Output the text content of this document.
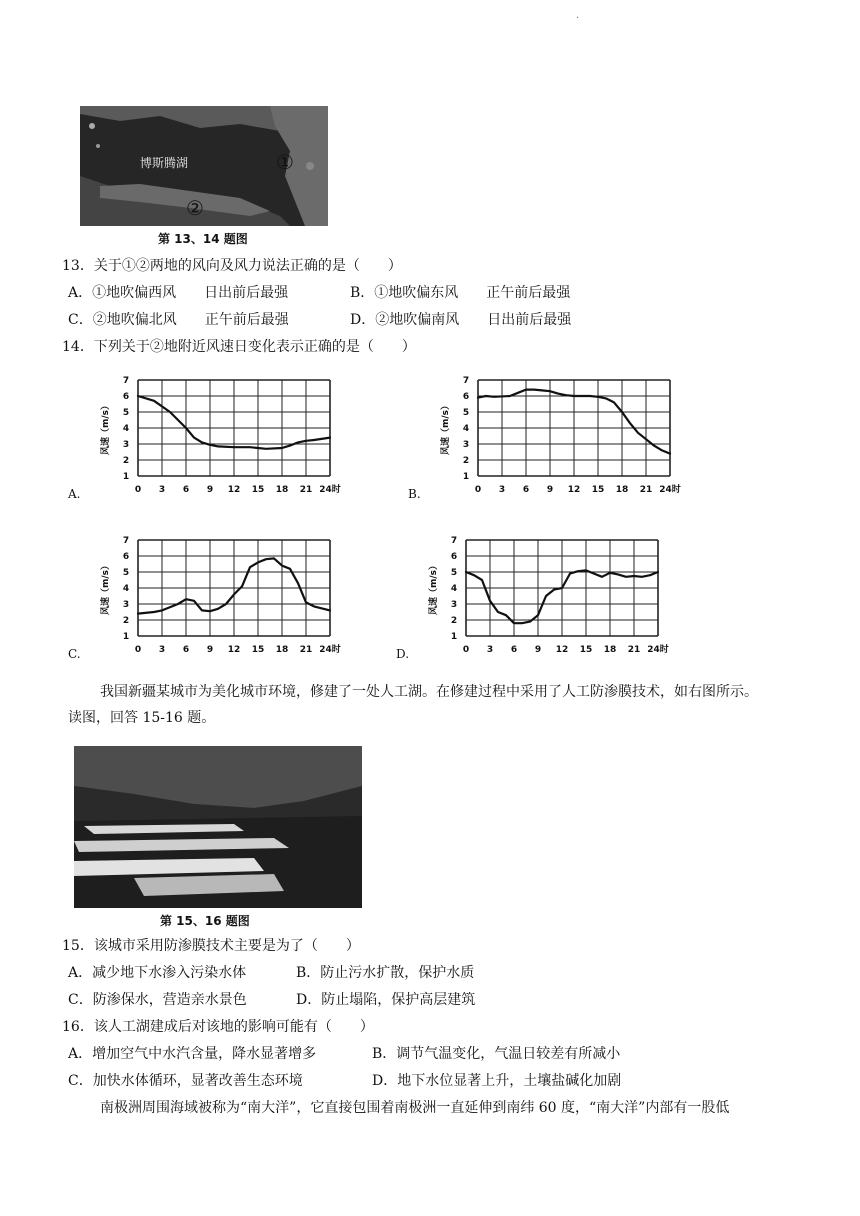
.
博斯腾湖	①
②
第 13、14 题图
13．关于①②两地的风向及风力说法正确的是（　　）
A．①地吹偏西风　　日出前后最强	B．①地吹偏东风　　正午前后最强
C．②地吹偏北风　　正午前后最强	D．②地吹偏南风　　日出前后最强
14．下列关于②地附近风速日变化表示正确的是（　　）
A.	0 3 6 9 12 15 18 21 24时
1
2
3
4
5
6
7
风速（m/s）
B.	0 3 6 9 12 15 18 21 24时
1
2
3
4
5
6
7
风速（m/s）
C.	0 3 6 9 12 15 18 21 24时
1
2
3
4
5
6
7
风速（m/s）
D.	0 3 6 9 12 15 18 21 24时
1
2
3
4
5
6
7
风速（m/s）
我国新疆某城市为美化城市环境，修建了一处人工湖。在修建过程中采用了人工防渗膜技术，如右图所示。
读图，回答 15-16 题。
第 15、16 题图
15．该城市采用防渗膜技术主要是为了（　　）
A．减少地下水渗入污染水体	B．防止污水扩散，保护水质
C．防渗保水，营造亲水景色	D．防止塌陷，保护高层建筑
16．该人工湖建成后对该地的影响可能有（　　）
A．增加空气中水汽含量，降水显著增多	B．调节气温变化，气温日较差有所减小
C．加快水体循环，显著改善生态环境	D．地下水位显著上升，土壤盐碱化加剧
南极洲周围海域被称为“南大洋”，它直接包围着南极洲一直延伸到南纬 60 度，“南大洋”内部有一股低
